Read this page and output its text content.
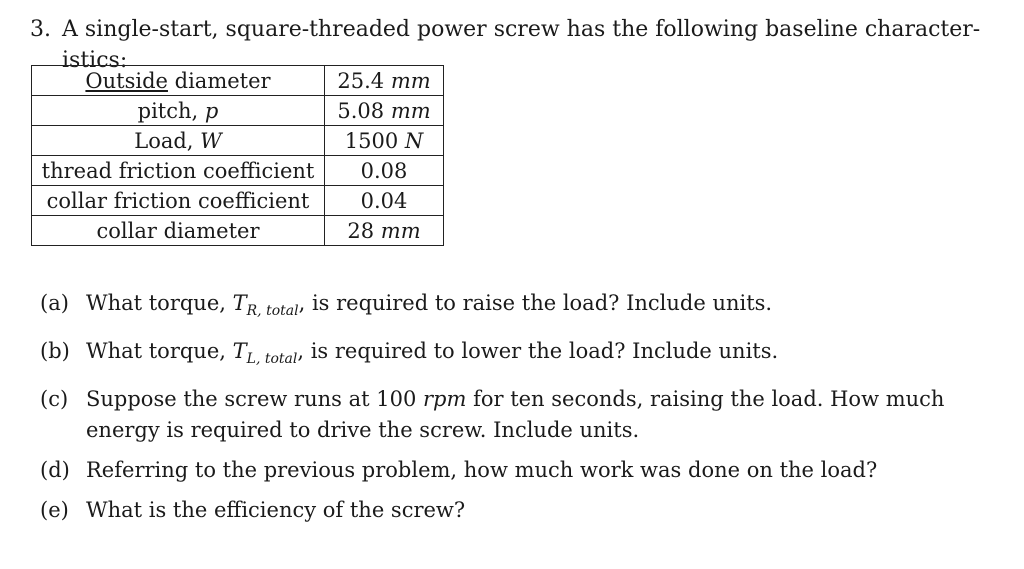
3. A single-start, square-threaded power screw has the following baseline character-
istics:

Outside diameter	25.4 mm
pitch, p	5.08 mm
Load, W	1500 N
thread friction coefficient	0.08
collar friction coefficient	0.04
collar diameter	28 mm
(a) What torque, $T_{R, total}$, is required to raise the load? Include units.
(b) What torque, $T_{L, total}$, is required to lower the load? Include units.
(c) Suppose the screw runs at 100 rpm for ten seconds, raising the load. How much energy is required to drive the screw. Include units.
(d) Referring to the previous problem, how much work was done on the load?
(e) What is the efficiency of the screw?
